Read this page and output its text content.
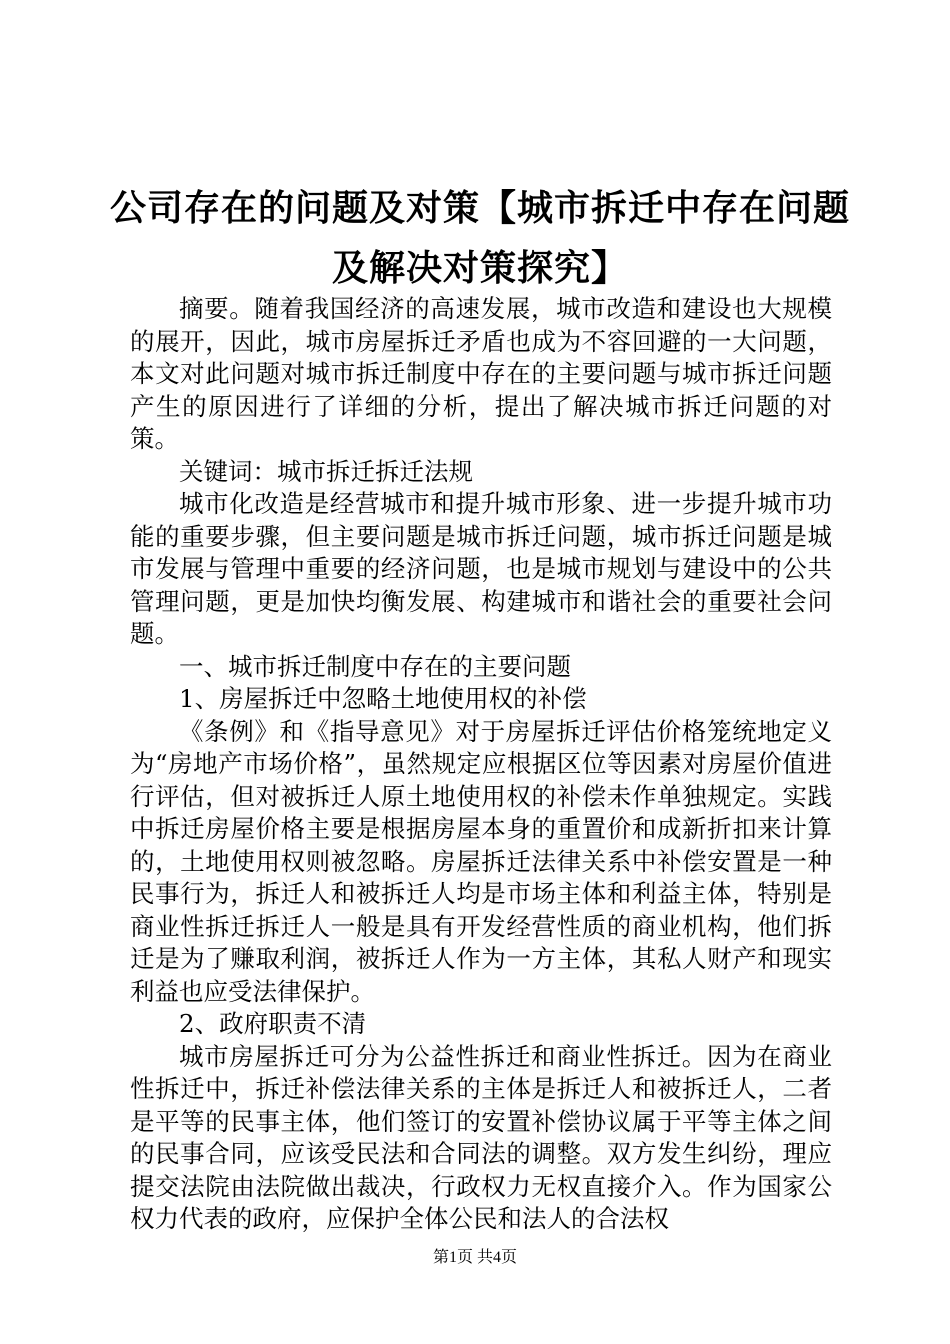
公司存在的问题及对策【城市拆迁中存在问题及解决对策探究】

摘要。随着我国经济的高速发展，城市改造和建设也大规模的展开，因此，城市房屋拆迁矛盾也成为不容回避的一大问题，本文对此问题对城市拆迁制度中存在的主要问题与城市拆迁问题产生的原因进行了详细的分析，提出了解决城市拆迁问题的对策。

关键词：城市拆迁拆迁法规

城市化改造是经营城市和提升城市形象、进一步提升城市功能的重要步骤，但主要问题是城市拆迁问题，城市拆迁问题是城市发展与管理中重要的经济问题，也是城市规划与建设中的公共管理问题，更是加快均衡发展、构建城市和谐社会的重要社会问题。

一、城市拆迁制度中存在的主要问题

1、房屋拆迁中忽略土地使用权的补偿

《条例》和《指导意见》对于房屋拆迁评估价格笼统地定义为“房地产市场价格”，虽然规定应根据区位等因素对房屋价值进行评估，但对被拆迁人原土地使用权的补偿未作单独规定。实践中拆迁房屋价格主要是根据房屋本身的重置价和成新折扣来计算的，土地使用权则被忽略。房屋拆迁法律关系中补偿安置是一种民事行为，拆迁人和被拆迁人均是市场主体和利益主体，特别是商业性拆迁拆迁人一般是具有开发经营性质的商业机构，他们拆迁是为了赚取利润，被拆迁人作为一方主体，其私人财产和现实利益也应受法律保护。

2、政府职责不清

城市房屋拆迁可分为公益性拆迁和商业性拆迁。因为在商业性拆迁中，拆迁补偿法律关系的主体是拆迁人和被拆迁人，二者是平等的民事主体，他们签订的安置补偿协议属于平等主体之间的民事合同，应该受民法和合同法的调整。双方发生纠纷，理应提交法院由法院做出裁决，行政权力无权直接介入。作为国家公权力代表的政府，应保护全体公民和法人的合法权

第1页 共4页
